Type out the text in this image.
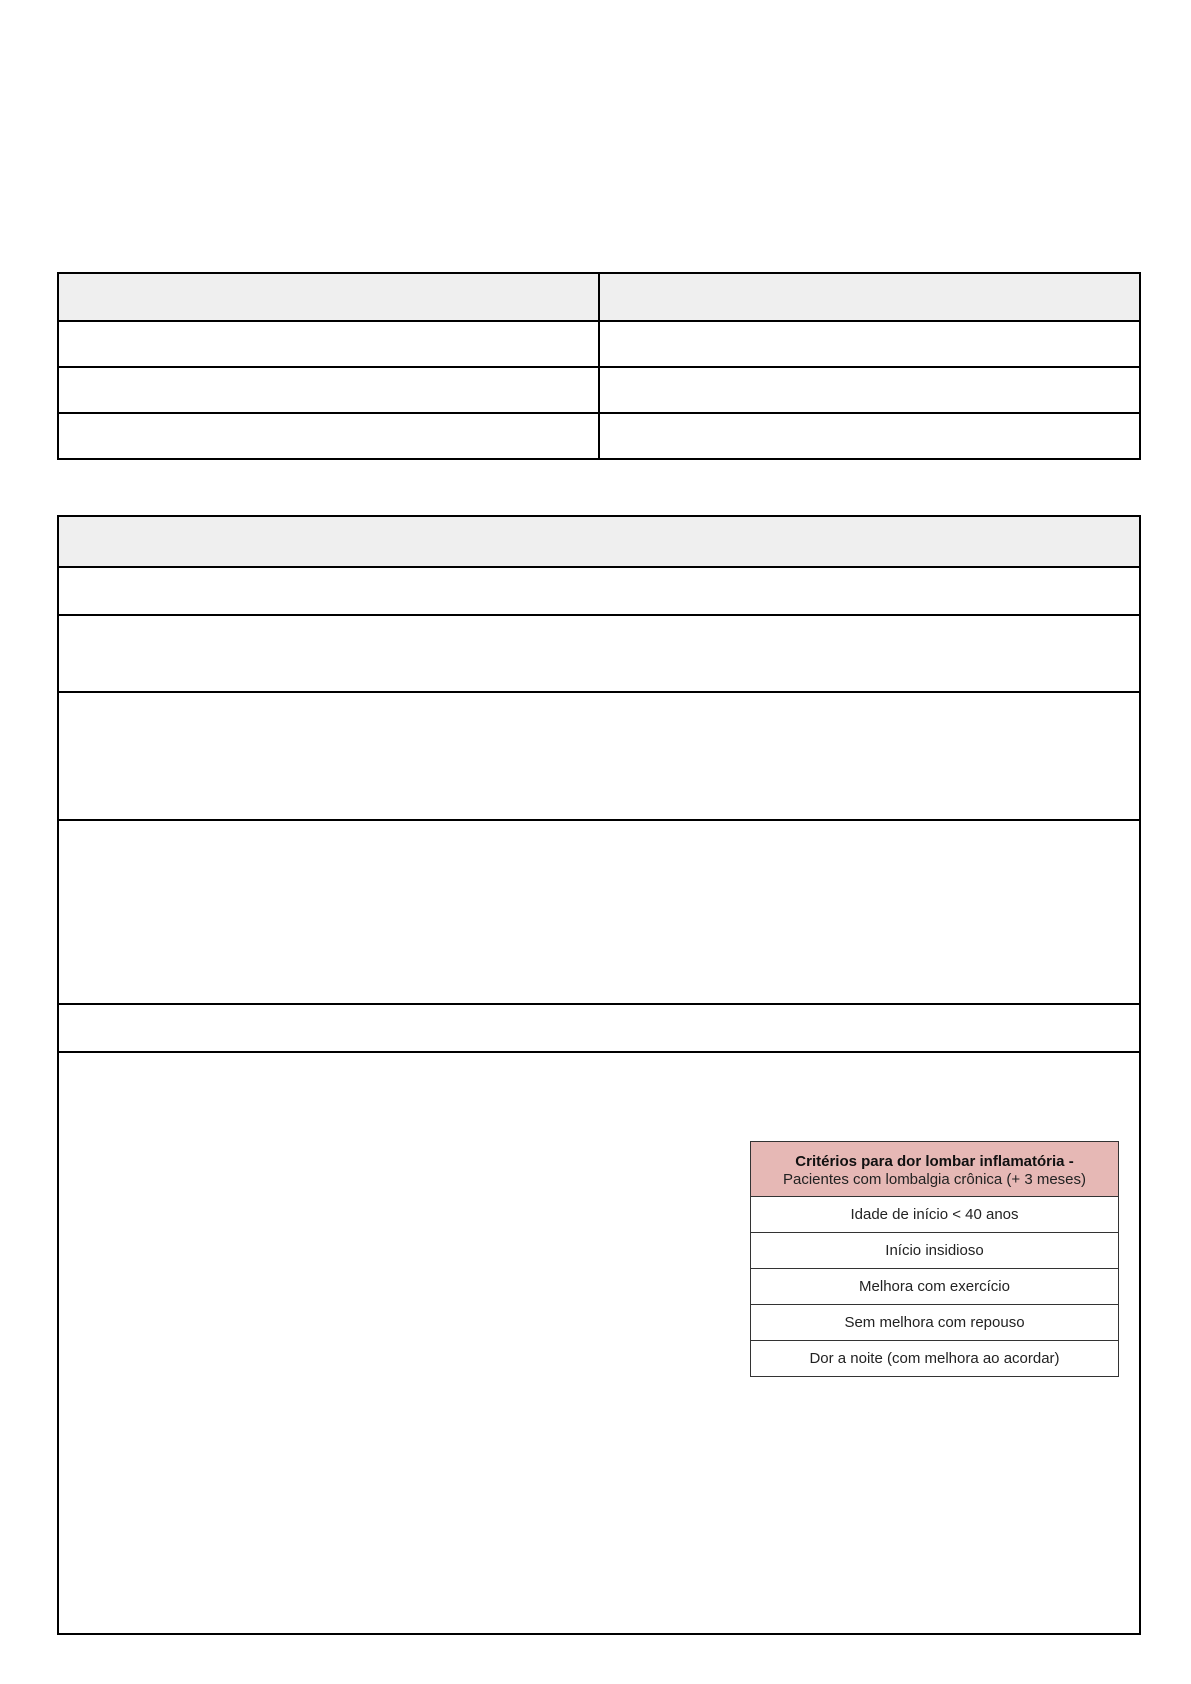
Critérios para dor lombar inflamatória -
Pacientes com lombalgia crônica (+ 3 meses)

Idade de início < 40 anos
Início insidioso
Melhora com exercício
Sem melhora com repouso
Dor a noite (com melhora ao acordar)
